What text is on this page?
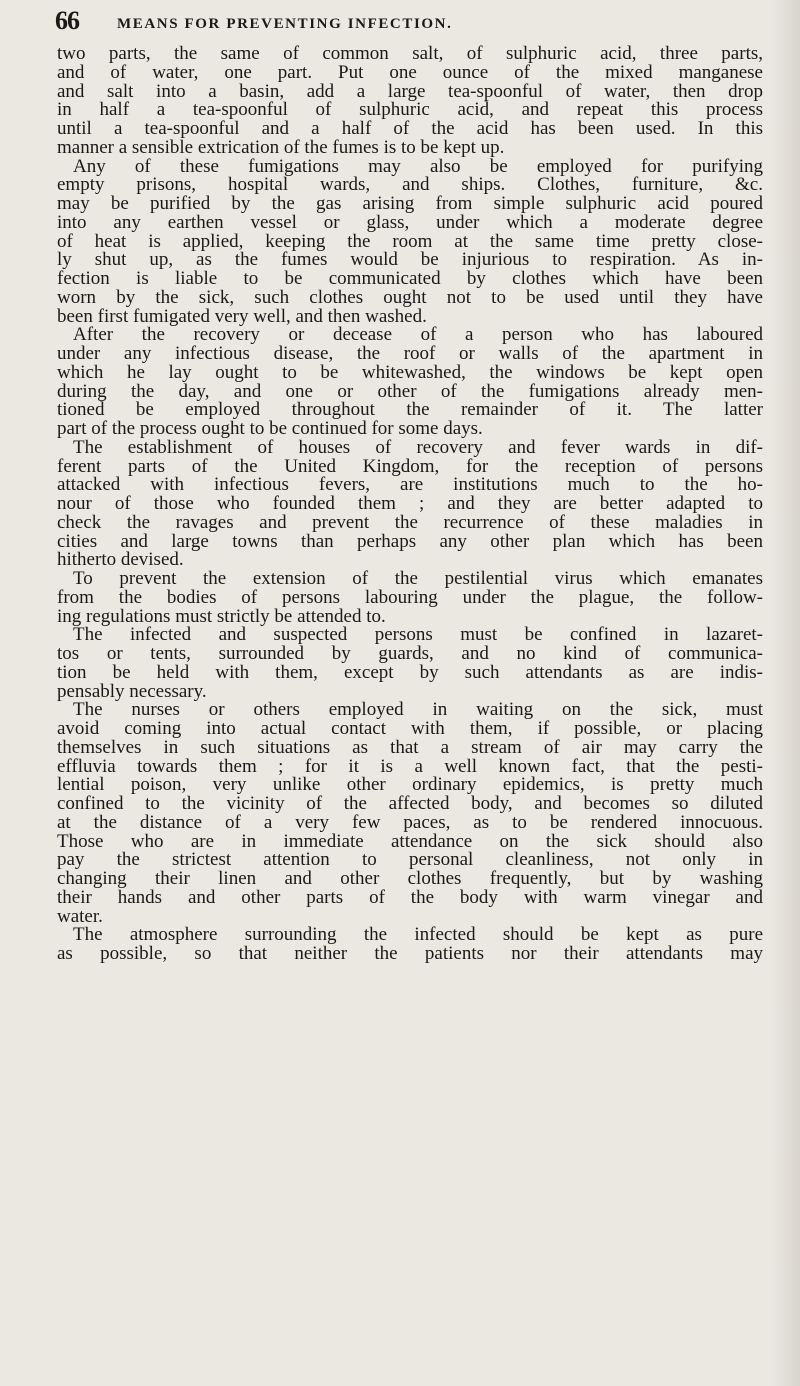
66	MEANS FOR PREVENTING INFECTION.
two parts, the same of common salt, of sulphuric acid, three parts,
and of water, one part. Put one ounce of the mixed manganese
and salt into a basin, add a large tea-spoonful of water, then drop
in half a tea-spoonful of sulphuric acid, and repeat this process
until a tea-spoonful and a half of the acid has been used. In this
manner a sensible extrication of the fumes is to be kept up.
Any of these fumigations may also be employed for purifying
empty prisons, hospital wards, and ships. Clothes, furniture, &c.
may be purified by the gas arising from simple sulphuric acid poured
into any earthen vessel or glass, under which a moderate degree
of heat is applied, keeping the room at the same time pretty close-
ly shut up, as the fumes would be injurious to respiration. As in-
fection is liable to be communicated by clothes which have been
worn by the sick, such clothes ought not to be used until they have
been first fumigated very well, and then washed.
After the recovery or decease of a person who has laboured
under any infectious disease, the roof or walls of the apartment in
which he lay ought to be whitewashed, the windows be kept open
during the day, and one or other of the fumigations already men-
tioned be employed throughout the remainder of it. The latter
part of the process ought to be continued for some days.
The establishment of houses of recovery and fever wards in dif-
ferent parts of the United Kingdom, for the reception of persons
attacked with infectious fevers, are institutions much to the ho-
nour of those who founded them ; and they are better adapted to
check the ravages and prevent the recurrence of these maladies in
cities and large towns than perhaps any other plan which has been
hitherto devised.
To prevent the extension of the pestilential virus which emanates
from the bodies of persons labouring under the plague, the follow-
ing regulations must strictly be attended to.
The infected and suspected persons must be confined in lazaret-
tos or tents, surrounded by guards, and no kind of communica-
tion be held with them, except by such attendants as are indis-
pensably necessary.
The nurses or others employed in waiting on the sick, must
avoid coming into actual contact with them, if possible, or placing
themselves in such situations as that a stream of air may carry the
effluvia towards them ; for it is a well known fact, that the pesti-
lential poison, very unlike other ordinary epidemics, is pretty much
confined to the vicinity of the affected body, and becomes so diluted
at the distance of a very few paces, as to be rendered innocuous.
Those who are in immediate attendance on the sick should also
pay the strictest attention to personal cleanliness, not only in
changing their linen and other clothes frequently, but by washing
their hands and other parts of the body with warm vinegar and
water.
The atmosphere surrounding the infected should be kept as pure
as possible, so that neither the patients nor their attendants may
